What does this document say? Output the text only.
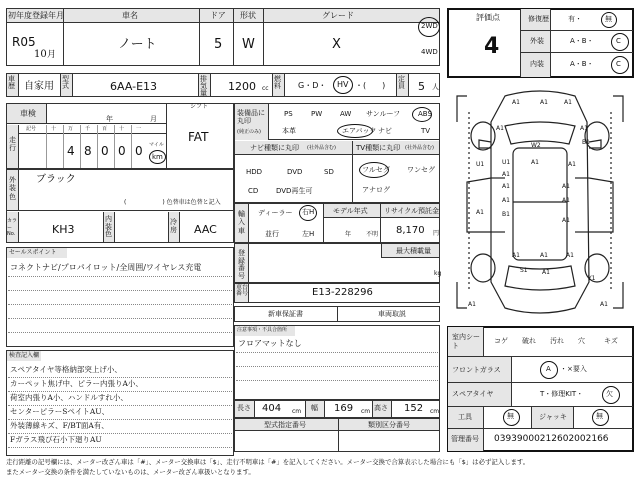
初年度登録年月
R05
10 月
車名
ノート
ドア
5
形状
W
グレード
X
2WD
4WD
車歴 自家用
型式	6AA-E13
排気量 1200 cc
燃料	G・D・ HV ・(　　)
定員 5 人
車検
年	月
走行
記号	十 万 千 百 十 一
4 8 0 0 0 マイル
km
シフト
FAT
外装色
ブラック
(　　　　　　) 色替車は色替と記入
カラーNo.	KH3
内装色
冷房 AAC
セールスポイント
コネクトナビ/プロパイロット/全周囲/ワイヤレス充電
検査記入欄
スペアタイヤ等格納部突上げ小、
カーペット焦げ中、ピラー内張りA小、
荷室内張りA小、ハンドルすれ小、
センターピラーSペイトAU、
外装薄線キズ、F/BT面A有、
Fガラス飛び石小下廻りAU
装備品に丸印
(純正のみ)
PS	PW	AW サンルーフ	ABS
本革	エアバック ナビ	TV
ナビ種類に丸印 (社外品含む)	TV種類に丸印 (社外品含む)
HDD	DVD	SD
CD	DVD再生可
フルセグ ワンセグ
アナログ
輸入車
ディーラー
並行
右H
左H
モデル年式
年 不明
リサイクル預託金
8,170 円
登録番号
最大積載量
kg
車台番号	E13-228296
新車保証書	車両取説
注意事項・不具合箇所
フロアマットなし
長さ 404 cm 幅 169 cm 高さ 152 cm
型式指定番号	類別区分番号
評価点
4
修復歴	有・	無
外装	A・B・	C
内装	A・B・	C
A1	A1	A1
A1	A1
U1	U1	A1
B1
A1
A1
A1	A1
A1	A1
A1
A1
W2
A1	A1	A1
A1	A1
S1 A1
B1
Y1
室内シート
コゲ 破れ 汚れ 穴	キズ
フロントガラス	A ・×要入
スペアタイヤ	T・修理KIT・	欠
工具	無	ジャッキ	無
管理番号 0393900021260200216​6
走行距離の記号欄には、メーター改ざん車は「#」、メーター交換車は「$」、走行不明車は「#」を記入してください。メーター交換で合算表示した場合にも「$」は必ず記入します。
またメーター交換の条件を満たしていないものは、メーター改ざん車扱いとなります。
